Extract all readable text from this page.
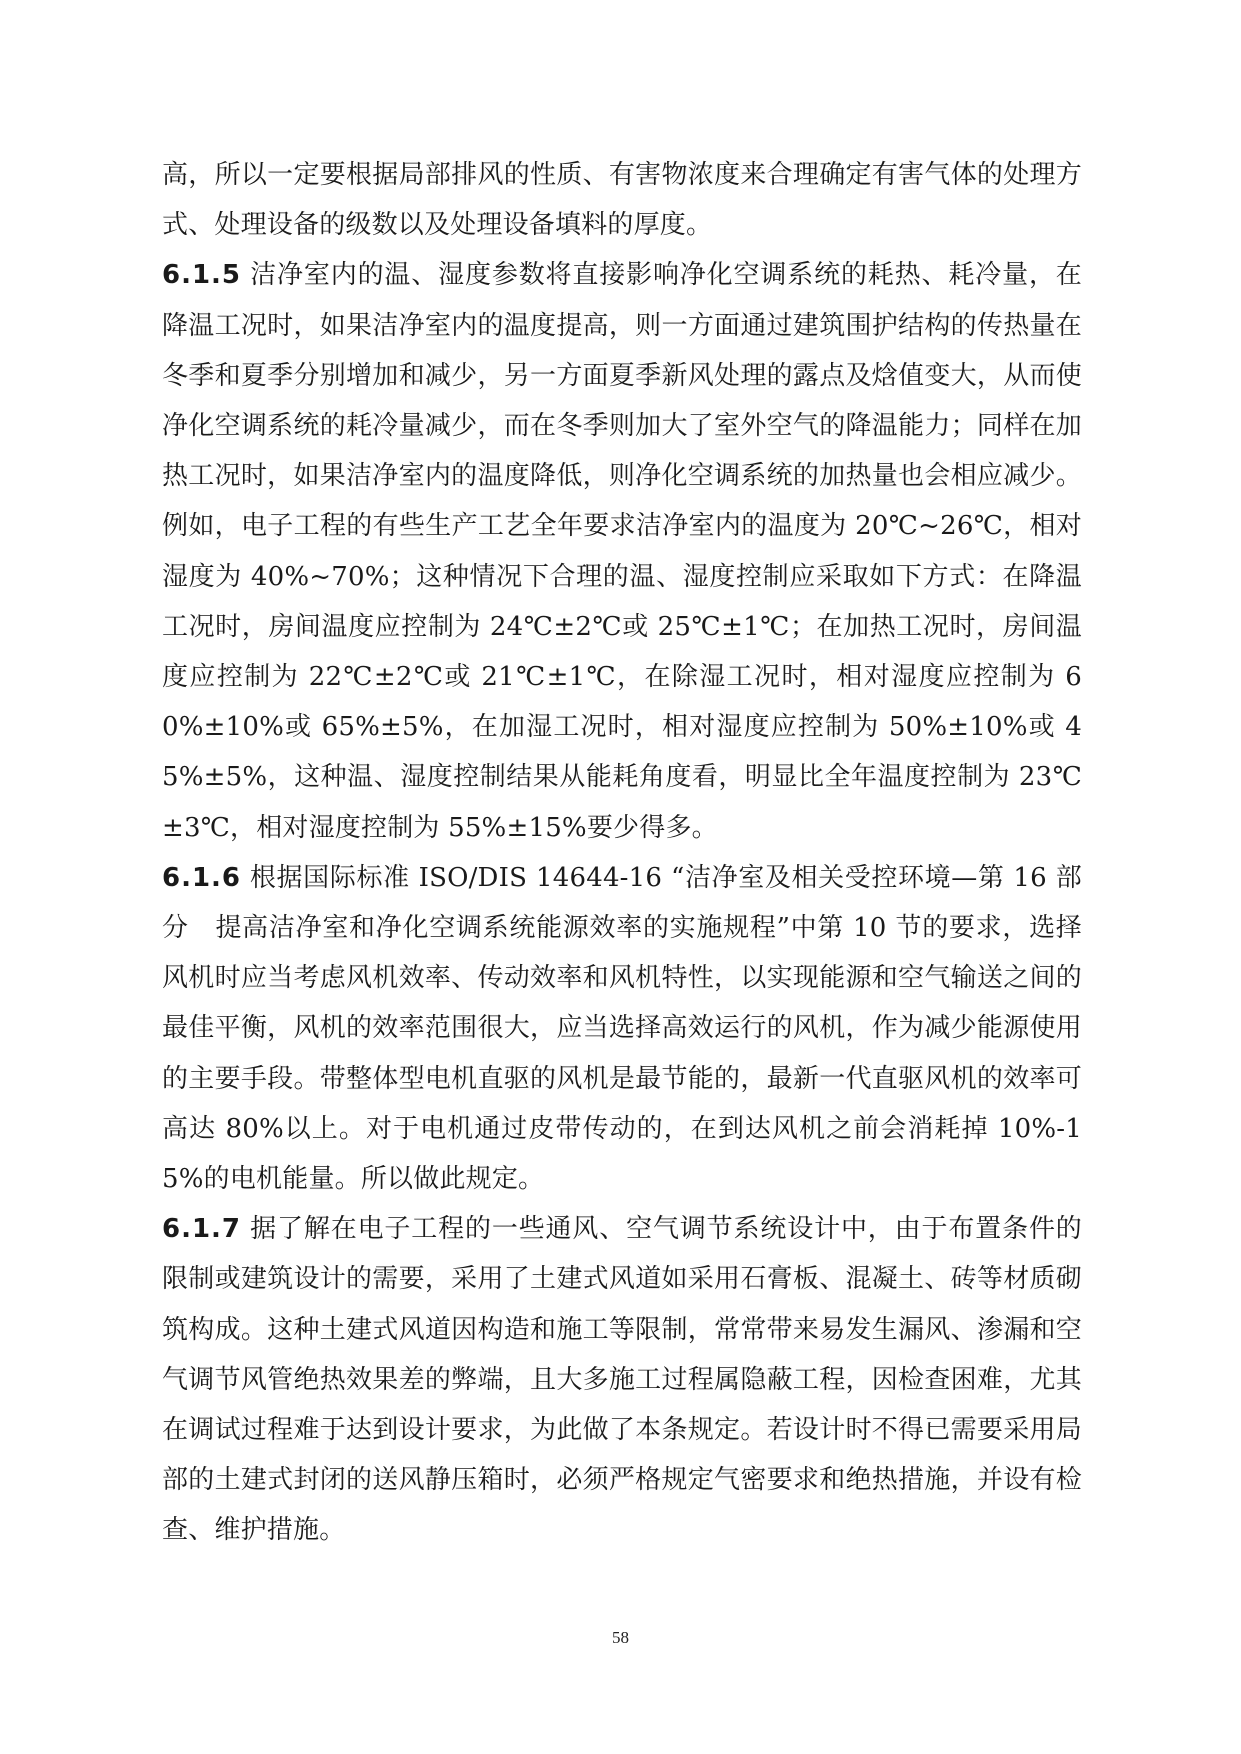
高，所以一定要根据局部排风的性质、有害物浓度来合理确定有害气体的处理方式、处理设备的级数以及处理设备填料的厚度。

6.1.5 洁净室内的温、湿度参数将直接影响净化空调系统的耗热、耗冷量，在降温工况时，如果洁净室内的温度提高，则一方面通过建筑围护结构的传热量在冬季和夏季分别增加和减少，另一方面夏季新风处理的露点及焓值变大，从而使净化空调系统的耗冷量减少，而在冬季则加大了室外空气的降温能力；同样在加热工况时，如果洁净室内的温度降低，则净化空调系统的加热量也会相应减少。例如，电子工程的有些生产工艺全年要求洁净室内的温度为 20℃~26℃，相对湿度为 40%~70%；这种情况下合理的温、湿度控制应采取如下方式：在降温工况时，房间温度应控制为 24℃±2℃或 25℃±1℃；在加热工况时，房间温度应控制为 22℃±2℃或 21℃±1℃，在除湿工况时，相对湿度应控制为 60%±10%或 65%±5%，在加湿工况时，相对湿度应控制为 50%±10%或 45%±5%，这种温、湿度控制结果从能耗角度看，明显比全年温度控制为 23℃±3℃，相对湿度控制为 55%±15%要少得多。

6.1.6 根据国际标准 ISO/DIS 14644-16 “洁净室及相关受控环境—第 16 部分　提高洁净室和净化空调系统能源效率的实施规程”中第 10 节的要求，选择风机时应当考虑风机效率、传动效率和风机特性，以实现能源和空气输送之间的最佳平衡，风机的效率范围很大，应当选择高效运行的风机，作为减少能源使用的主要手段。带整体型电机直驱的风机是最节能的，最新一代直驱风机的效率可高达 80%以上。对于电机通过皮带传动的，在到达风机之前会消耗掉 10%-15%的电机能量。所以做此规定。

6.1.7 据了解在电子工程的一些通风、空气调节系统设计中，由于布置条件的限制或建筑设计的需要，采用了土建式风道如采用石膏板、混凝土、砖等材质砌筑构成。这种土建式风道因构造和施工等限制，常常带来易发生漏风、渗漏和空气调节风管绝热效果差的弊端，且大多施工过程属隐蔽工程，因检查困难，尤其在调试过程难于达到设计要求，为此做了本条规定。若设计时不得已需要采用局部的土建式封闭的送风静压箱时，必须严格规定气密要求和绝热措施，并设有检查、维护措施。

58
